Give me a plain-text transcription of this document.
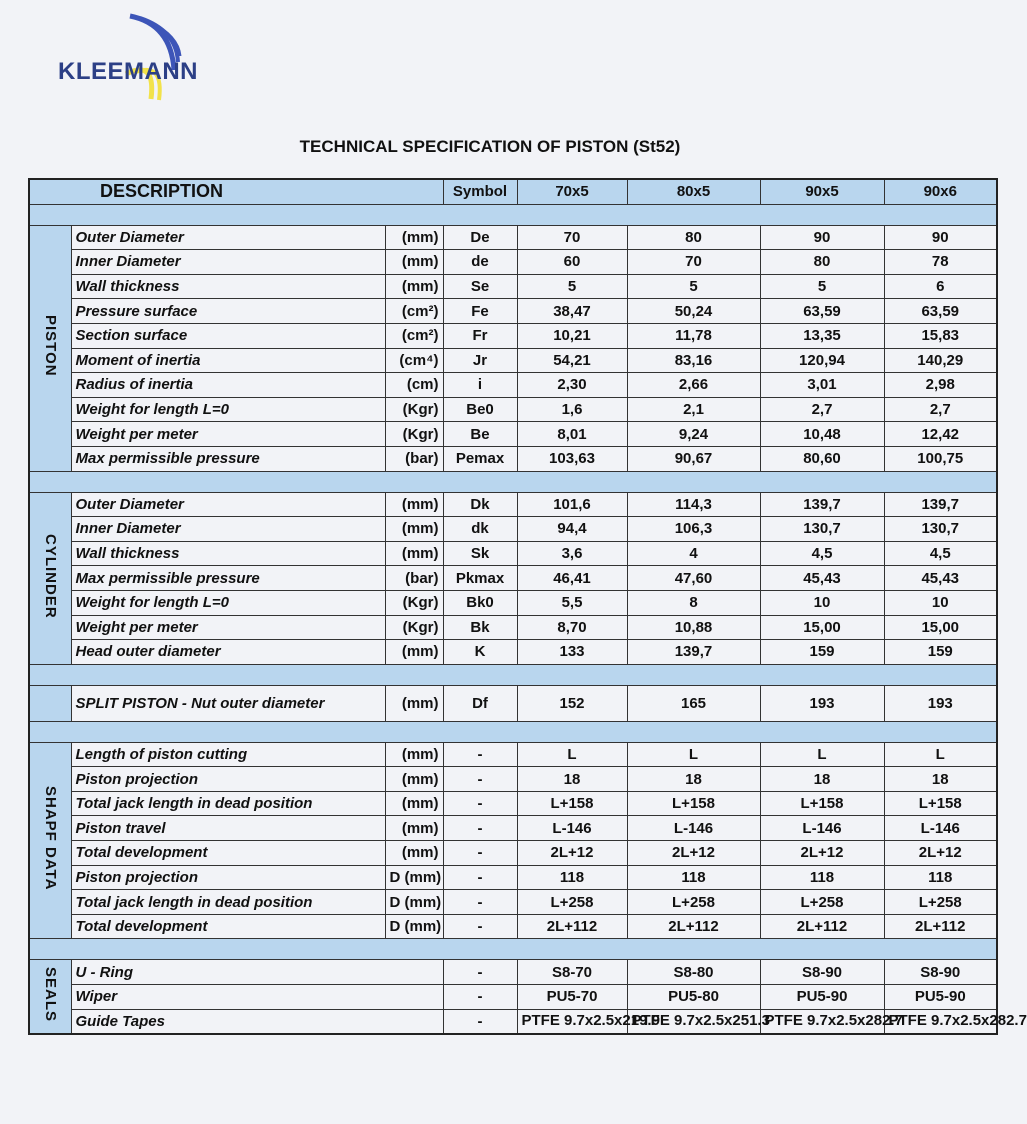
KLEEMANN
TECHNICAL SPECIFICATION OF PISTON (St52)
DESCRIPTION			Symbol	70x5	80x5	90x5	90x6

PISTON	Outer Diameter	(mm)	De	70	80	90	90
	Inner Diameter	(mm)	de	60	70	80	78
	Wall thickness	(mm)	Se	5	5	5	6
	Pressure surface	(cm²)	Fe	38,47	50,24	63,59	63,59
	Section surface	(cm²)	Fr	10,21	11,78	13,35	15,83
	Moment of inertia	(cm⁴)	Jr	54,21	83,16	120,94	140,29
	Radius of inertia	(cm)	i	2,30	2,66	3,01	2,98
	Weight for length L=0	(Kgr)	Be0	1,6	2,1	2,7	2,7
	Weight per meter	(Kgr)	Be	8,01	9,24	10,48	12,42
	Max permissible pressure	(bar)	Pemax	103,63	90,67	80,60	100,75

CYLINDER	Outer Diameter	(mm)	Dk	101,6	114,3	139,7	139,7
	Inner Diameter	(mm)	dk	94,4	106,3	130,7	130,7
	Wall thickness	(mm)	Sk	3,6	4	4,5	4,5
	Max permissible pressure	(bar)	Pkmax	46,41	47,60	45,43	45,43
	Weight for length L=0	(Kgr)	Bk0	5,5	8	10	10
	Weight per meter	(Kgr)	Bk	8,70	10,88	15,00	15,00
	Head outer diameter	(mm)	K	133	139,7	159	159

	SPLIT PISTON - Nut outer diameter	(mm)	Df	152	165	193	193

SHAPF DATA	Length of piston cutting	(mm)	-	L	L	L	L
	Piston projection	(mm)	-	18	18	18	18
	Total jack length in dead position	(mm)	-	L+158	L+158	L+158	L+158
	Piston travel	(mm)	-	L-146	L-146	L-146	L-146
	Total development	(mm)	-	2L+12	2L+12	2L+12	2L+12
	Piston projection	D (mm)	-	118	118	118	118
	Total jack length in dead position	D (mm)	-	L+258	L+258	L+258	L+258
	Total development	D (mm)	-	2L+112	2L+112	2L+112	2L+112

SEALS	U - Ring		-	S8-70	S8-80	S8-90	S8-90
	Wiper		-	PU5-70	PU5-80	PU5-90	PU5-90
	Guide Tapes		-	PTFE 9.7x2.5x219.9	PTFE 9.7x2.5x251.3	PTFE 9.7x2.5x282.7	PTFE 9.7x2.5x282.7
